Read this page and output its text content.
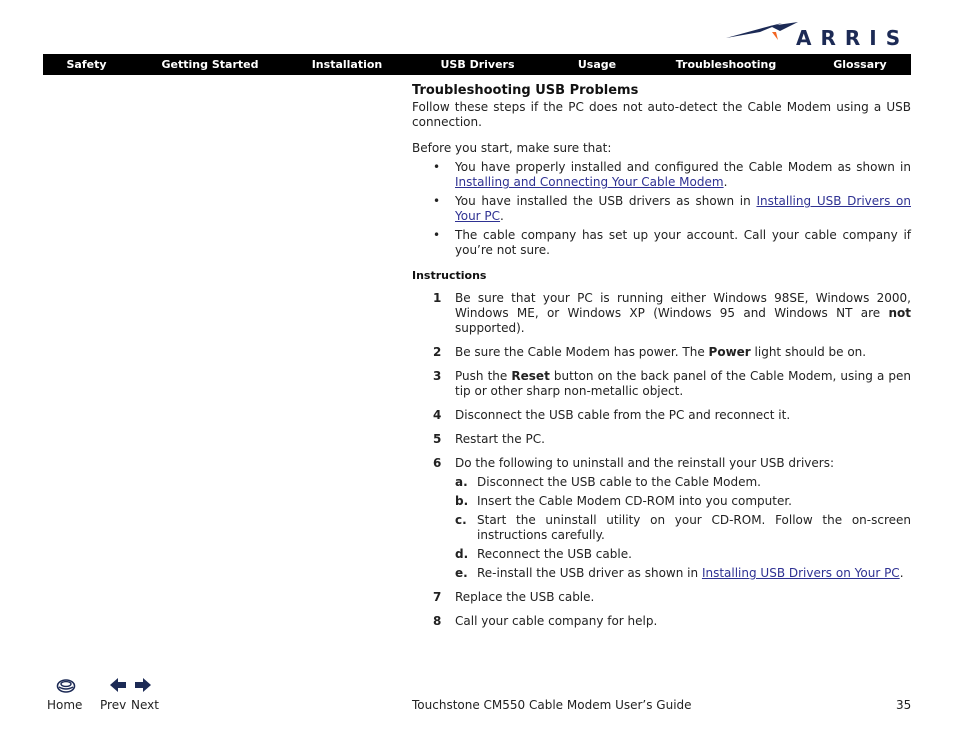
ARRIS
Safety	Getting Started	Installation	USB Drivers	Usage	Troubleshooting	Glossary
Troubleshooting USB Problems

Follow these steps if the PC does not auto-detect the Cable Modem using a USB connection.

Before you start, make sure that:

• You have properly installed and configured the Cable Modem as shown in Installing and Connecting Your Cable Modem.
• You have installed the USB drivers as shown in Installing USB Drivers on Your PC.
• The cable company has set up your account. Call your cable company if you’re not sure.
Instructions
1 Be sure that your PC is running either Windows 98SE, Windows 2000, Windows ME, or Windows XP (Windows 95 and Windows NT are not supported).
2 Be sure the Cable Modem has power. The Power light should be on.
3 Push the Reset button on the back panel of the Cable Modem, using a pen tip or other sharp non-metallic object.
4 Disconnect the USB cable from the PC and reconnect it.
5 Restart the PC.
6 Do the following to uninstall and the reinstall your USB drivers:
a. Disconnect the USB cable to the Cable Modem.
b. Insert the Cable Modem CD-ROM into you computer.
c. Start the uninstall utility on your CD-ROM. Follow the on-screen instructions carefully.
d. Reconnect the USB cable.
e. Re-install the USB driver as shown in Installing USB Drivers on Your PC.
7 Replace the USB cable.
8 Call your cable company for help.
Home Prev Next	Touchstone CM550 Cable Modem User’s Guide	35
